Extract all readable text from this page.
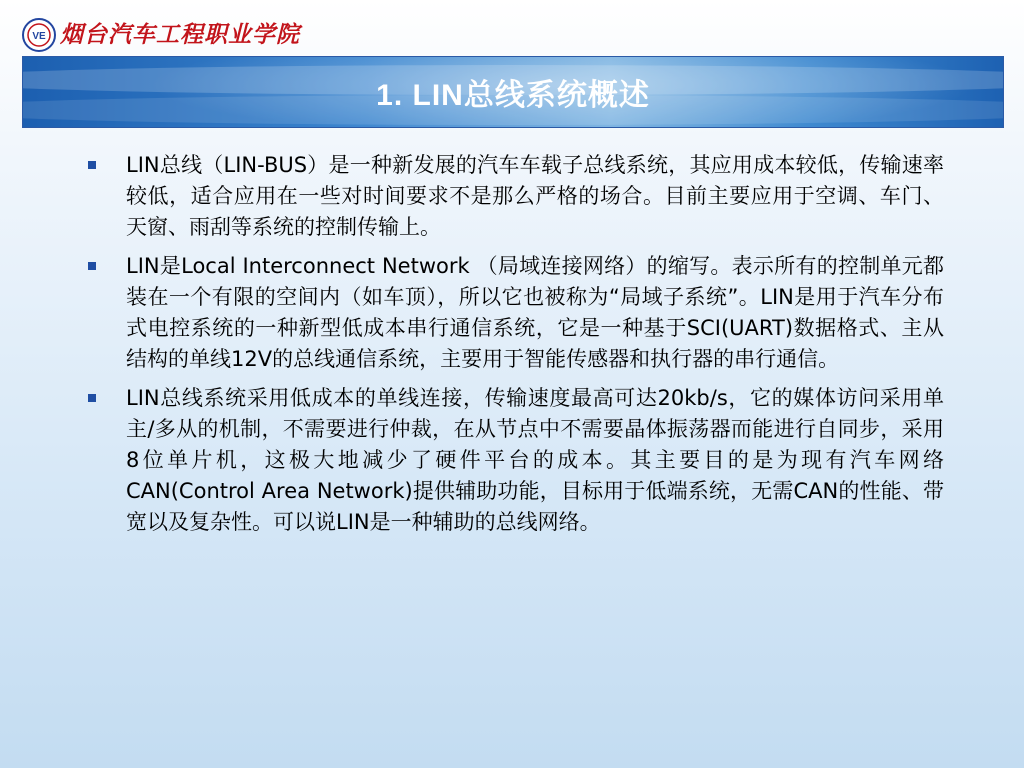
VE 烟台汽车工程职业学院
1. LIN总线系统概述
LIN总线（LIN-BUS）是一种新发展的汽车车载子总线系统，其应用成本较低，传输速率较低，适合应用在一些对时间要求不是那么严格的场合。目前主要应用于空调、车门、天窗、雨刮等系统的控制传输上。
LIN是Local Interconnect Network （局域连接网络）的缩写。表示所有的控制单元都装在一个有限的空间内（如车顶），所以它也被称为“局域子系统”。LIN是用于汽车分布式电控系统的一种新型低成本串行通信系统，它是一种基于SCI(UART)数据格式、主从结构的单线12V的总线通信系统，主要用于智能传感器和执行器的串行通信。
LIN总线系统采用低成本的单线连接，传输速度最高可达20kb/s，它的媒体访问采用单主/多从的机制，不需要进行仲裁，在从节点中不需要晶体振荡器而能进行自同步，采用8位单片机，这极大地减少了硬件平台的成本。其主要目的是为现有汽车网络CAN(Control Area Network)提供辅助功能，目标用于低端系统，无需CAN的性能、带宽以及复杂性。可以说LIN是一种辅助的总线网络。
